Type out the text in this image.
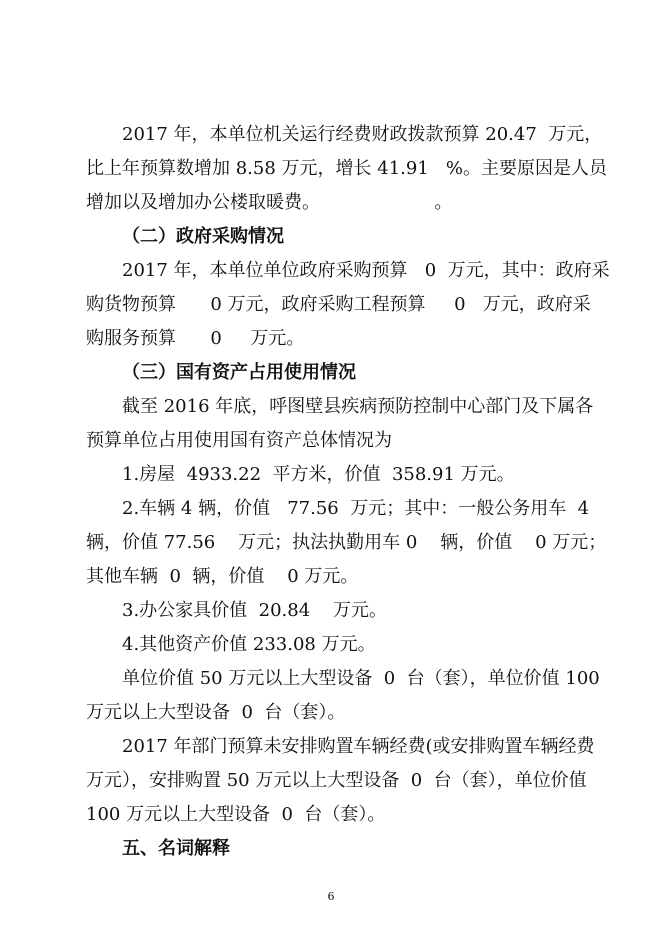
2017 年，本单位机关运行经费财政拨款预算 20.47  万元，
比上年预算数增加 8.58 万元，增长 41.91   %。主要原因是人员
增加以及增加办公楼取暖费。                    。
（二）政府采购情况
2017 年，本单位单位政府采购预算   0  万元，其中：政府采
购货物预算      0 万元，政府采购工程预算     0   万元，政府采
购服务预算      0     万元。
（三）国有资产占用使用情况
截至 2016 年底，呼图壁县疾病预防控制中心部门及下属各
预算单位占用使用国有资产总体情况为
1.房屋  4933.22  平方米，价值  358.91 万元。
2.车辆 4 辆，价值   77.56  万元；其中：一般公务用车  4
辆，价值 77.56    万元；执法执勤用车 0    辆，价值    0 万元；
其他车辆  0  辆，价值    0 万元。
3.办公家具价值  20.84    万元。
4.其他资产价值 233.08 万元。
单位价值 50 万元以上大型设备  0  台（套），单位价值 100
万元以上大型设备  0  台（套）。
2017 年部门预算未安排购置车辆经费(或安排购置车辆经费
万元），安排购置 50 万元以上大型设备  0  台（套），单位价值
100 万元以上大型设备  0  台（套）。
五、名词解释
6
